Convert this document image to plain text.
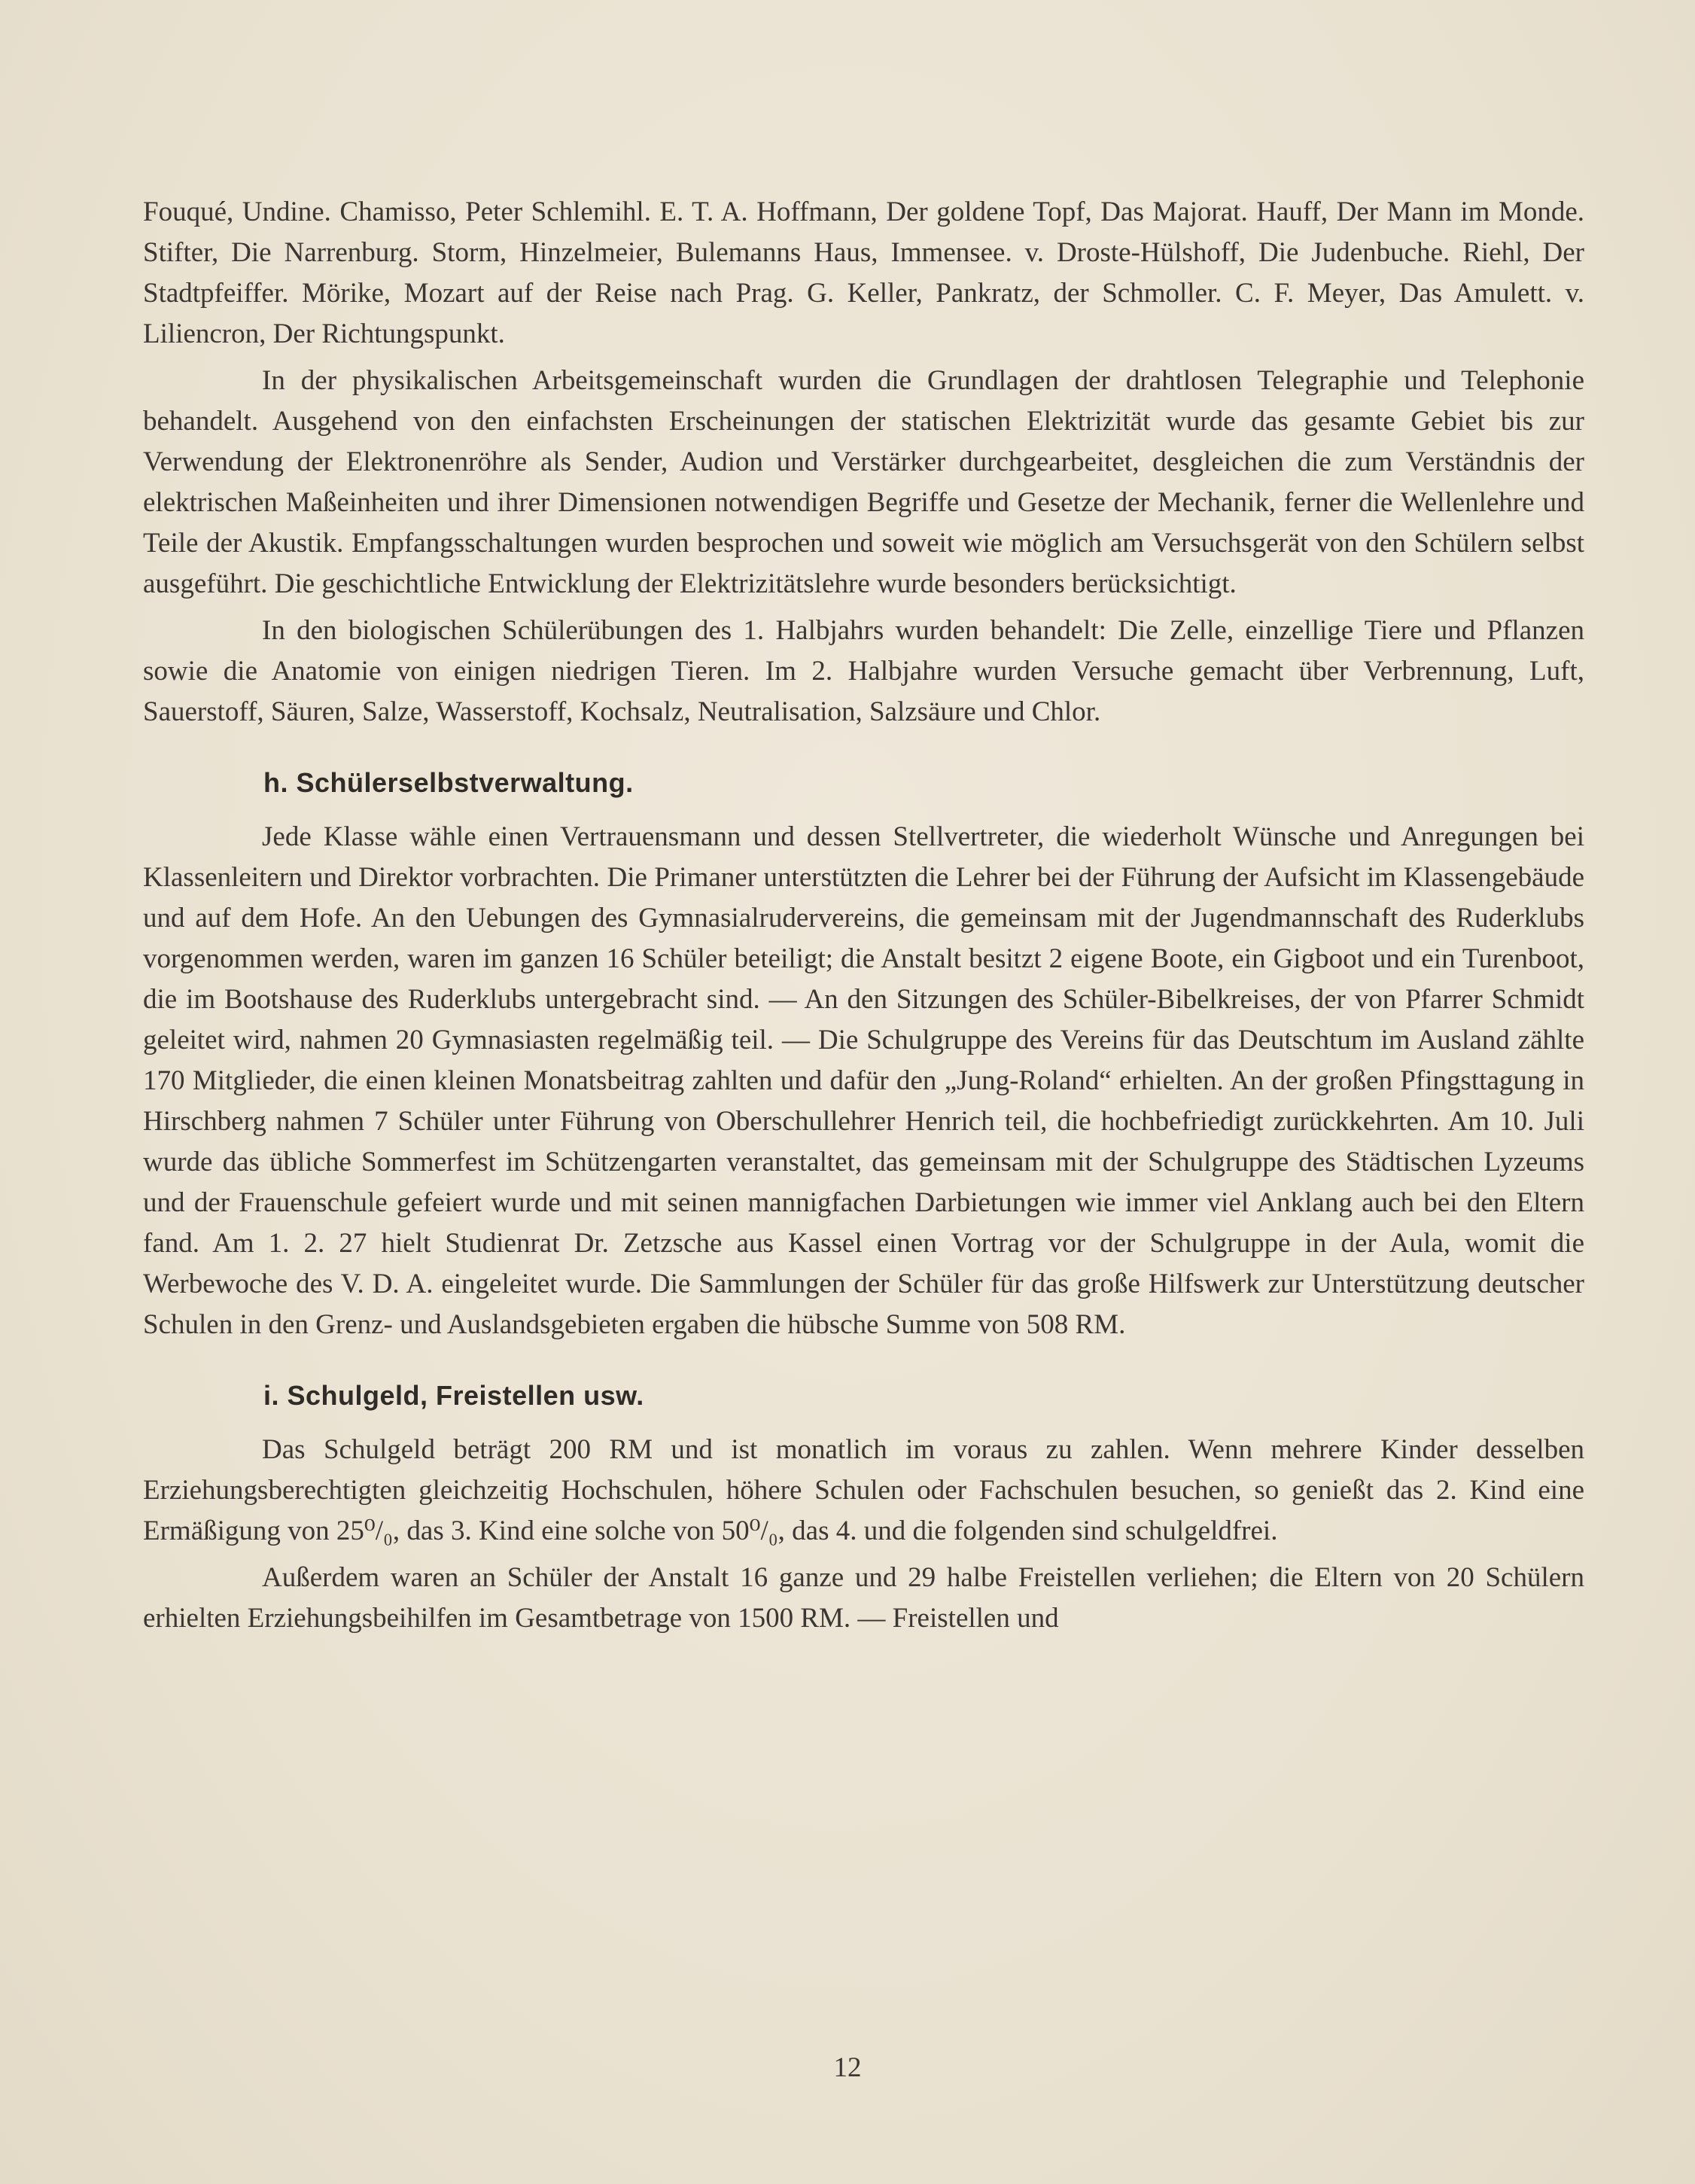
Fouqué, Undine. Chamisso, Peter Schlemihl. E. T. A. Hoffmann, Der goldene Topf, Das Majorat. Hauff, Der Mann im Monde. Stifter, Die Narrenburg. Storm, Hinzelmeier, Bulemanns Haus, Immensee. v. Droste-Hülshoff, Die Judenbuche. Riehl, Der Stadtpfeiffer. Mörike, Mozart auf der Reise nach Prag. G. Keller, Pankratz, der Schmoller. C. F. Meyer, Das Amulett. v. Liliencron, Der Richtungspunkt.

In der physikalischen Arbeitsgemeinschaft wurden die Grundlagen der drahtlosen Telegraphie und Telephonie behandelt. Ausgehend von den einfachsten Erscheinungen der statischen Elektrizität wurde das gesamte Gebiet bis zur Verwendung der Elektronenröhre als Sender, Audion und Verstärker durchgearbeitet, desgleichen die zum Verständnis der elektrischen Maßeinheiten und ihrer Dimensionen notwendigen Begriffe und Gesetze der Mechanik, ferner die Wellenlehre und Teile der Akustik. Empfangsschaltungen wurden besprochen und soweit wie möglich am Versuchsgerät von den Schülern selbst ausgeführt. Die geschichtliche Entwicklung der Elektrizitätslehre wurde besonders berücksichtigt.

In den biologischen Schülerübungen des 1. Halbjahrs wurden behandelt: Die Zelle, einzellige Tiere und Pflanzen sowie die Anatomie von einigen niedrigen Tieren. Im 2. Halbjahre wurden Versuche gemacht über Verbrennung, Luft, Sauerstoff, Säuren, Salze, Wasserstoff, Kochsalz, Neutralisation, Salzsäure und Chlor.

h. Schülerselbstverwaltung.

Jede Klasse wähle einen Vertrauensmann und dessen Stellvertreter, die wiederholt Wünsche und Anregungen bei Klassenleitern und Direktor vorbrachten. Die Primaner unterstützten die Lehrer bei der Führung der Aufsicht im Klassengebäude und auf dem Hofe. An den Uebungen des Gymnasialrudervereins, die gemeinsam mit der Jugendmannschaft des Ruderklubs vorgenommen werden, waren im ganzen 16 Schüler beteiligt; die Anstalt besitzt 2 eigene Boote, ein Gigboot und ein Turenboot, die im Bootshause des Ruderklubs untergebracht sind. — An den Sitzungen des Schüler-Bibelkreises, der von Pfarrer Schmidt geleitet wird, nahmen 20 Gymnasiasten regelmäßig teil. — Die Schulgruppe des Vereins für das Deutschtum im Ausland zählte 170 Mitglieder, die einen kleinen Monatsbeitrag zahlten und dafür den „Jung-Roland“ erhielten. An der großen Pfingsttagung in Hirschberg nahmen 7 Schüler unter Führung von Oberschullehrer Henrich teil, die hochbefriedigt zurückkehrten. Am 10. Juli wurde das übliche Sommerfest im Schützengarten veranstaltet, das gemeinsam mit der Schulgruppe des Städtischen Lyzeums und der Frauenschule gefeiert wurde und mit seinen mannigfachen Darbietungen wie immer viel Anklang auch bei den Eltern fand. Am 1. 2. 27 hielt Studienrat Dr. Zetzsche aus Kassel einen Vortrag vor der Schulgruppe in der Aula, womit die Werbewoche des V. D. A. eingeleitet wurde. Die Sammlungen der Schüler für das große Hilfswerk zur Unterstützung deutscher Schulen in den Grenz- und Auslandsgebieten ergaben die hübsche Summe von 508 RM.

i. Schulgeld, Freistellen usw.

Das Schulgeld beträgt 200 RM und ist monatlich im voraus zu zahlen. Wenn mehrere Kinder desselben Erziehungsberechtigten gleichzeitig Hochschulen, höhere Schulen oder Fachschulen besuchen, so genießt das 2. Kind eine Ermäßigung von 25⁰/₀, das 3. Kind eine solche von 50⁰/₀, das 4. und die folgenden sind schulgeldfrei.

Außerdem waren an Schüler der Anstalt 16 ganze und 29 halbe Freistellen verliehen; die Eltern von 20 Schülern erhielten Erziehungsbeihilfen im Gesamtbetrage von 1500 RM. — Freistellen und

12
